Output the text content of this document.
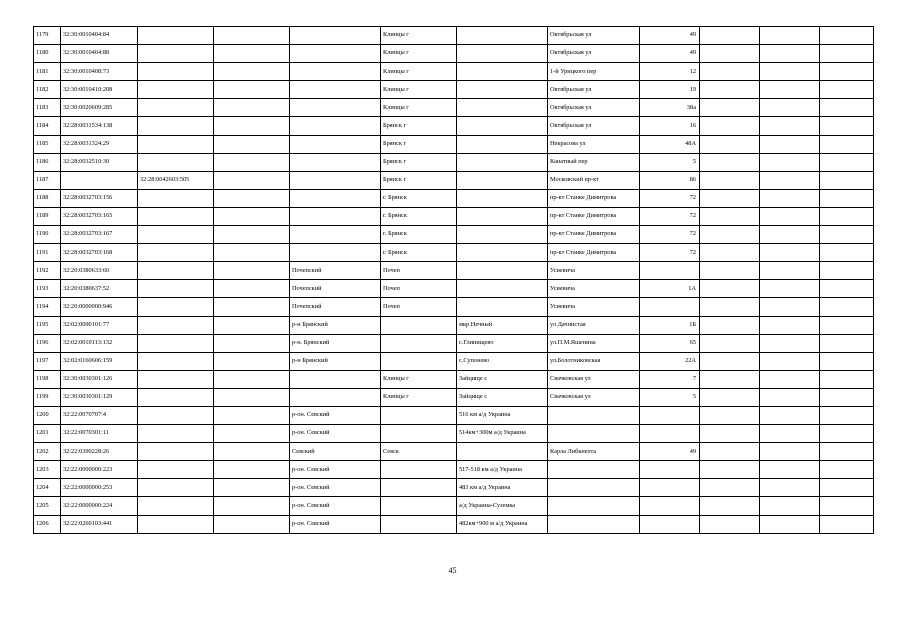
1179	32:30:0010404:84				Клинцы г		Октябрьская ул	49			
1180	32:30:0010404:88				Клинцы г		Октябрьская ул	49			
1181	32:30:0010408:73				Клинцы г		1-й Урицкого пер	12			
1182	32:30:0010410:208				Клинцы г		Октябрьская ул	19			
1183	32:30:0020609:285				Клинцы г		Октябрьская ул	38а			
1184	32:28:0031534:138				Брянск г		Октябрьская ул	16			
1185	32:28:0031324:29				Брянск г		Некрасова ул	48А			
1186	32:28:0032510:30				Брянск г		Канатный пер	5			
1187		32:28:0042603:505			Брянск г		Московский пр-кт	86			
1188	32:28:0032703:156				г. Брянск		пр-кт Станке Димитрова	72			
1189	32:28:0032703:165				г. Брянск		пр-кт Станке Димитрова	72			
1190	32:28:0032703:167				г. Брянск		пр-кт Станке Димитрова	72			
1191	32:28:0032703:168				г. Брянск		пр-кт Станке Димитрова	72			
1192	32:20:0380633:60			Почепский	Почеп		Усиевича				
1193	32:20:0380637:52			Почепский	Почеп		Усиевича	1А			
1194	32:20:0000000:946			Почепский	Почеп		Усиевича				
1195	32:02:0090101:77			р-н Брянский		мкр Нечный	ул Дачнистая	1Б			
1196	32:02:0010113:132			р-н. Брянский		с.Глинищево	ул.П.М.Яшенина	65			
1197	32:02:0160606:159			р-н Брянский		с.Супонево	ул.Болотниковская	22А			
1198	32:30:0030301:126				Клинцы г	Зайцище с	Свачковская ул	7			
1199	32:30:0030301:129				Клинцы г	Зайцище с	Свачковская ул	5			
1200	32:22:0070707:4			р-он. Севский		516 км а/д Украина					
1201	32:22:0070301:11			р-он. Севский		514км+300м а/д Украина					
1202	32:22:0390228:26			Севский	Севск		Карла Либкнехта	49			
1203	32:22:0000000:223			р-он. Севский		517-518 км а/д Украина					
1204	32:22:0000000:253			р-он. Севский		483 км а/д Украина					
1205	32:22:0000000:224			р-он. Севский		а/д Украина-Суземка					
1206	32:22:0260103:441			р-он. Севский		482км+900 м а/д Украина					
45
